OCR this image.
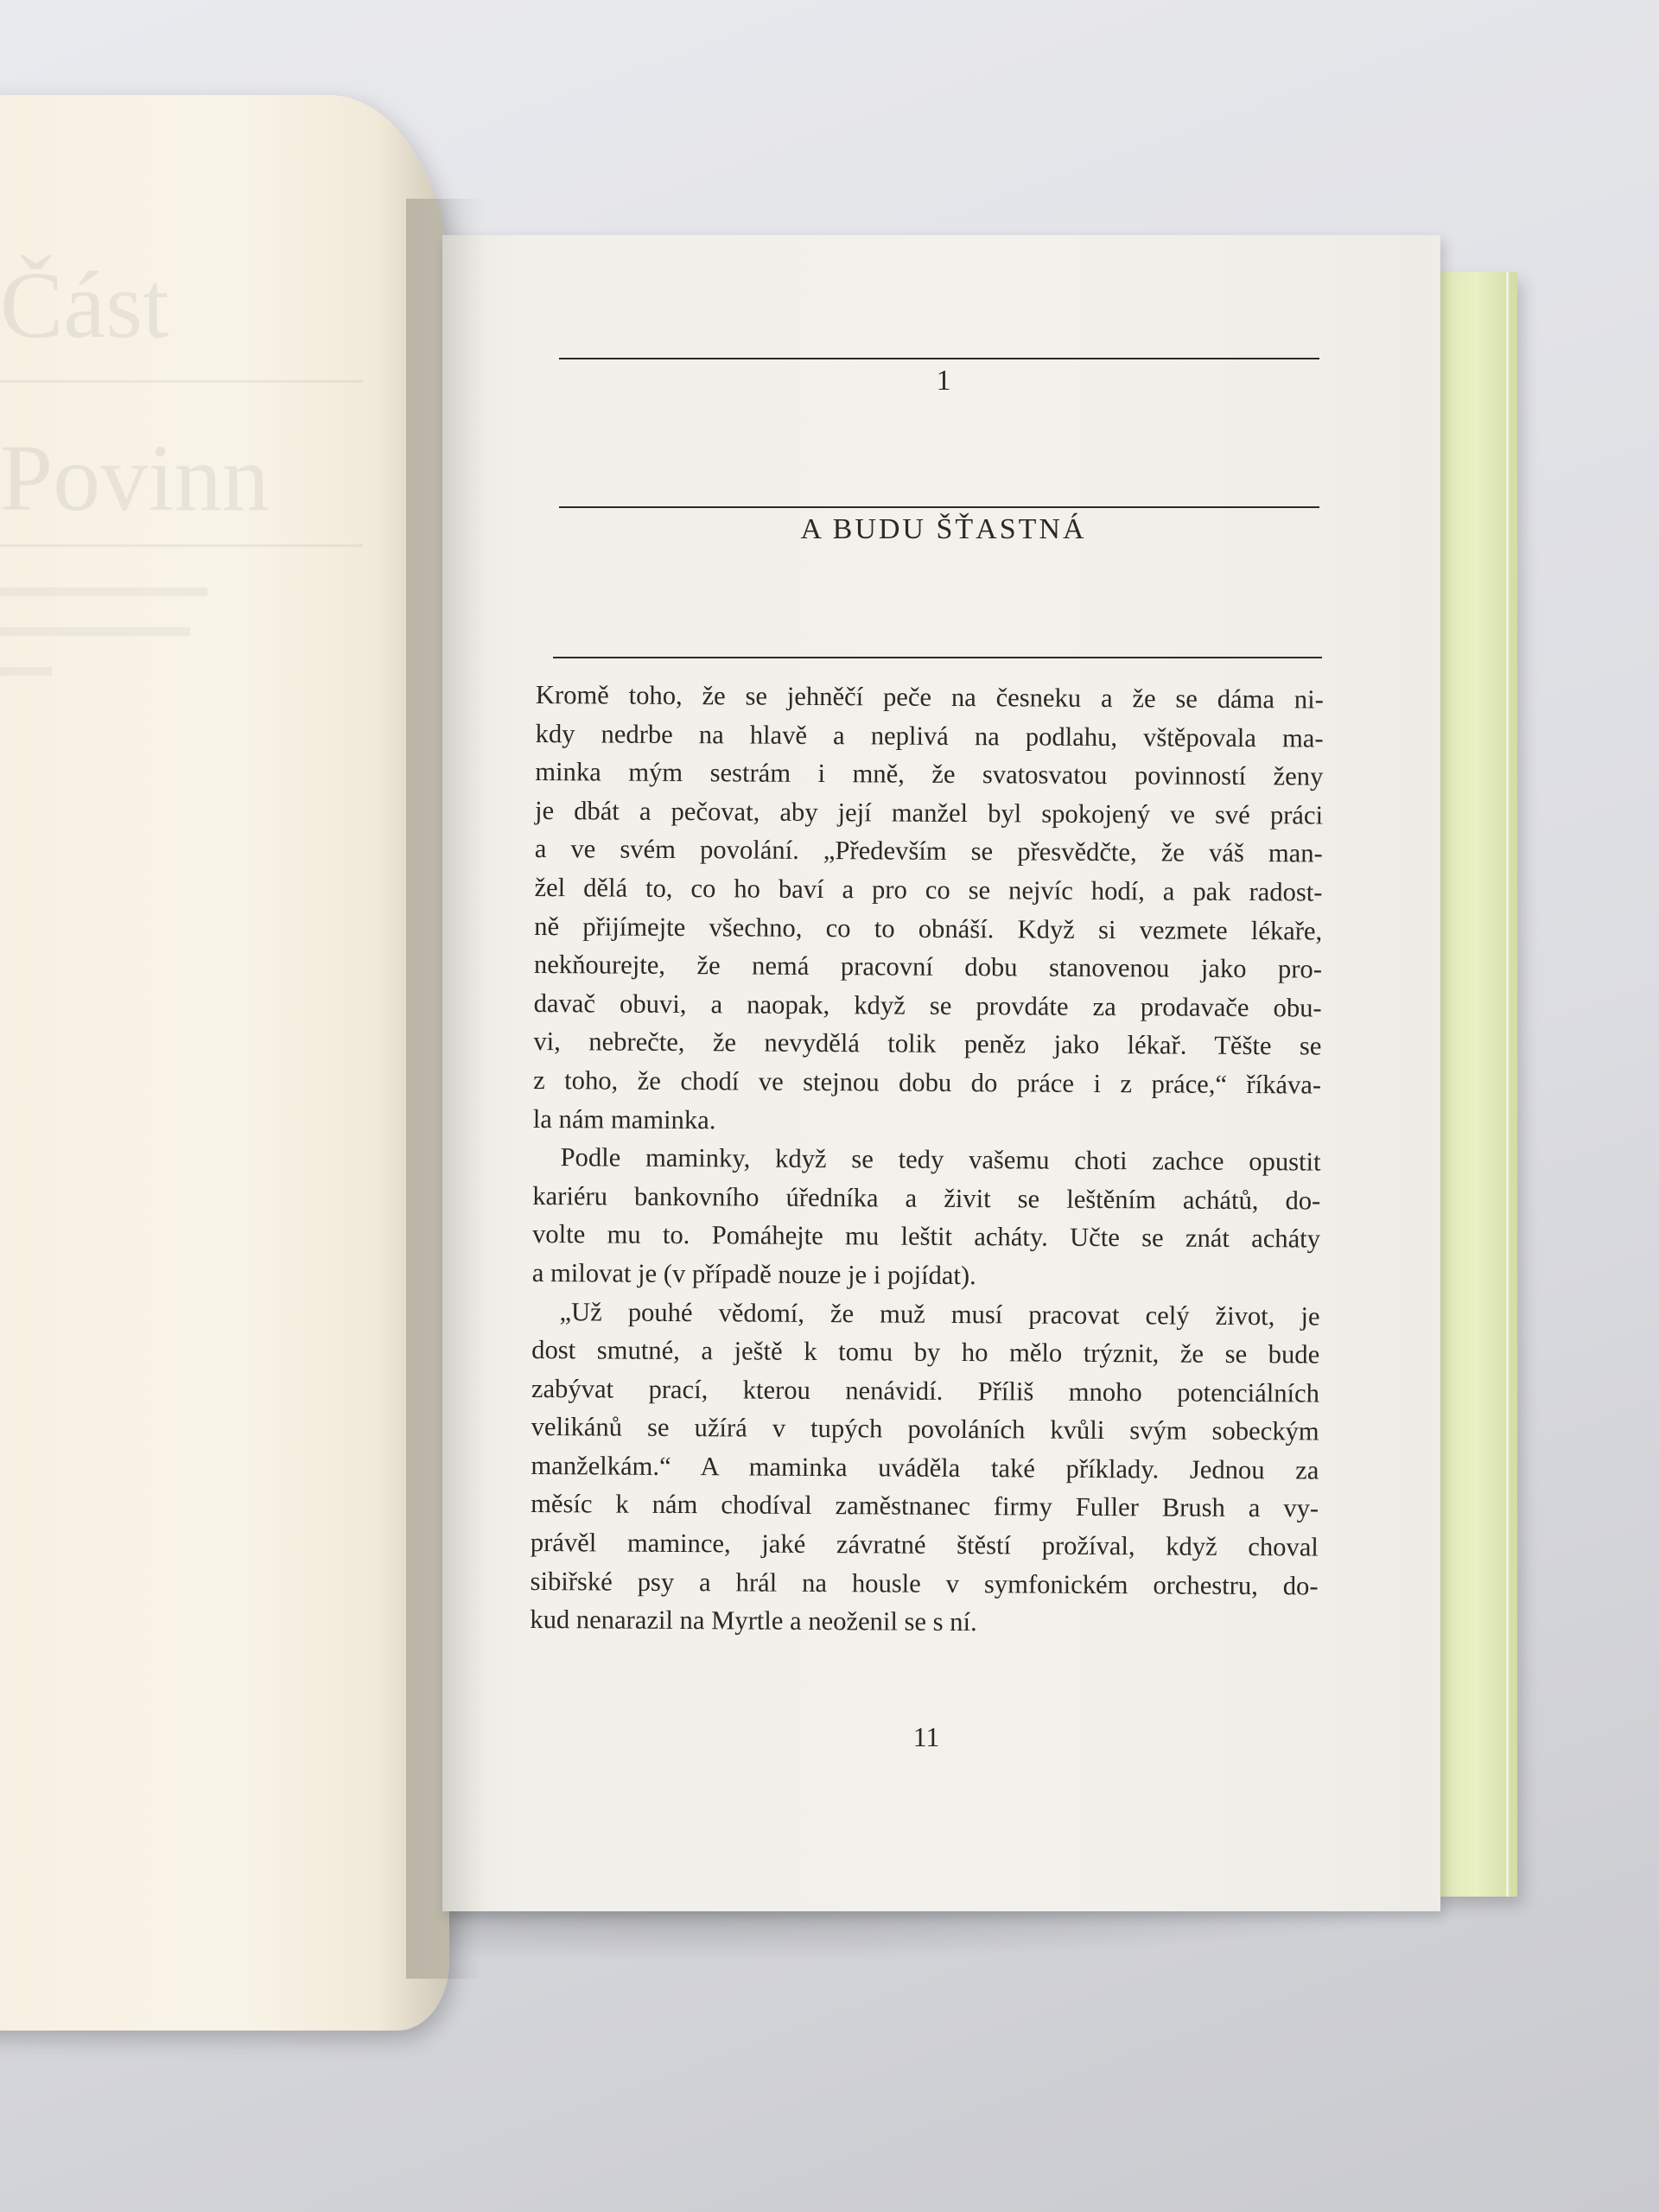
Část
Povinn
1
A BUDU ŠŤASTNÁ
Kromě toho, že se jehněčí peče na česneku a že se dáma ni-
kdy nedrbe na hlavě a neplivá na podlahu, vštěpovala ma-
minka mým sestrám i mně, že svatosvatou povinností ženy
je dbát a pečovat, aby její manžel byl spokojený ve své práci
a ve svém povolání. „Především se přesvědčte, že váš man-
žel dělá to, co ho baví a pro co se nejvíc hodí, a pak radost-
ně přijímejte všechno, co to obnáší. Když si vezmete lékaře,
nekňourejte, že nemá pracovní dobu stanovenou jako pro-
davač obuvi, a naopak, když se provdáte za prodavače obu-
vi, nebrečte, že nevydělá tolik peněz jako lékař. Těšte se
z toho, že chodí ve stejnou dobu do práce i z práce,“ říkáva-
la nám maminka.
Podle maminky, když se tedy vašemu choti zachce opustit
kariéru bankovního úředníka a živit se leštěním achátů, do-
volte mu to. Pomáhejte mu leštit acháty. Učte se znát acháty
a milovat je (v případě nouze je i pojídat).
„Už pouhé vědomí, že muž musí pracovat celý život, je
dost smutné, a ještě k tomu by ho mělo trýznit, že se bude
zabývat prací, kterou nenávidí. Příliš mnoho potenciálních
velikánů se užírá v tupých povoláních kvůli svým sobeckým
manželkám.“ A maminka uváděla také příklady. Jednou za
měsíc k nám chodíval zaměstnanec firmy Fuller Brush a vy-
právěl mamince, jaké závratné štěstí prožíval, když choval
sibiřské psy a hrál na housle v symfonickém orchestru, do-
kud nenarazil na Myrtle a neoženil se s ní.
11
